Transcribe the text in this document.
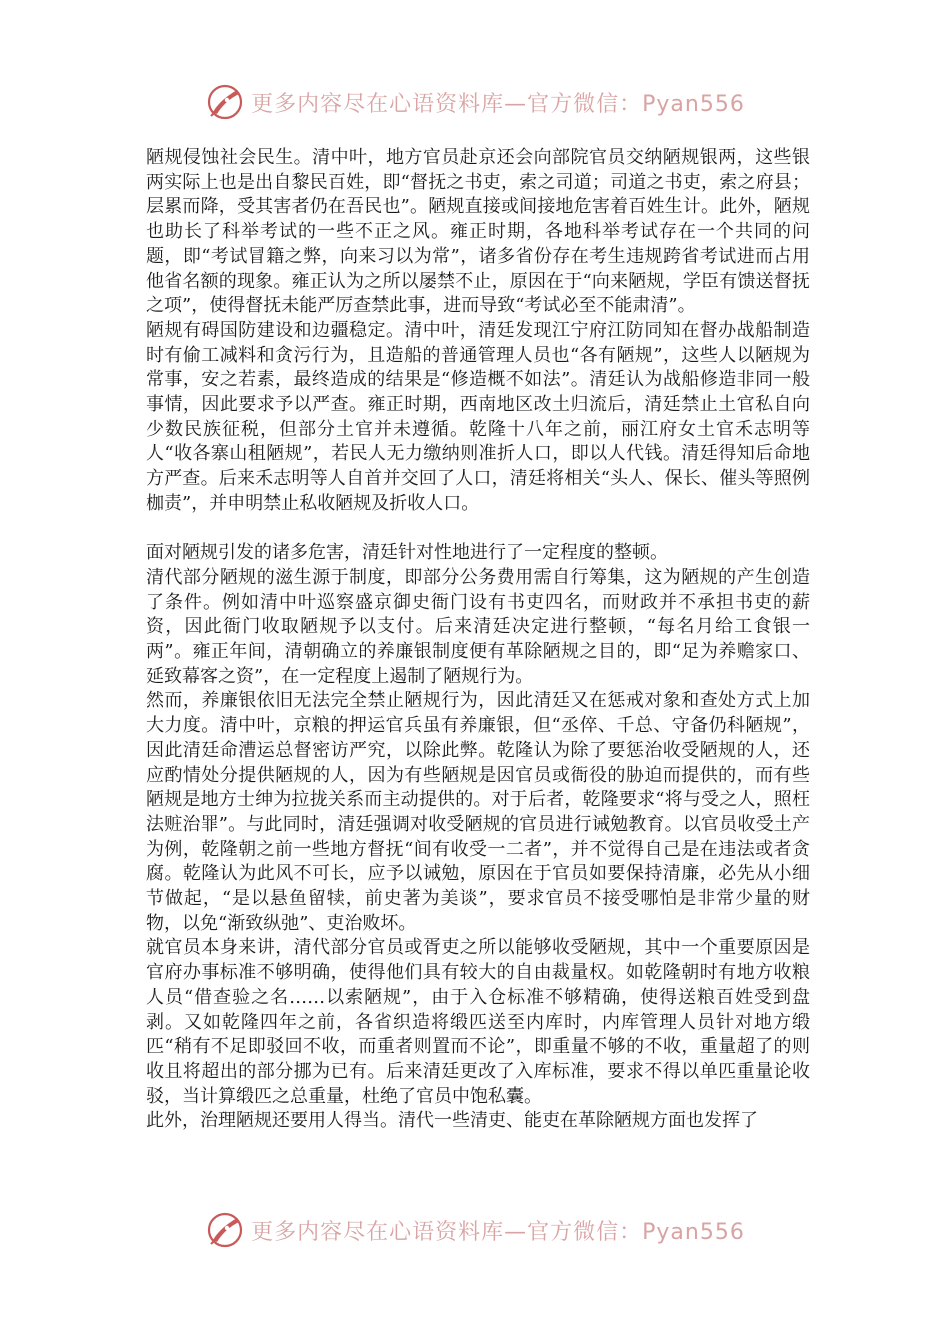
更多内容尽在心语资料库—官方微信：Pyan556

陋规侵蚀社会民生。清中叶，地方官员赴京还会向部院官员交纳陋规银两，这些银两实际上也是出自黎民百姓，即“督抚之书吏，索之司道；司道之书吏，索之府县；层累而降，受其害者仍在吾民也”。陋规直接或间接地危害着百姓生计。此外，陋规也助长了科举考试的一些不正之风。雍正时期，各地科举考试存在一个共同的问题，即“考试冒籍之弊，向来习以为常”，诸多省份存在考生违规跨省考试进而占用他省名额的现象。雍正认为之所以屡禁不止，原因在于“向来陋规，学臣有馈送督抚之项”，使得督抚未能严厉查禁此事，进而导致“考试必至不能肃清”。

陋规有碍国防建设和边疆稳定。清中叶，清廷发现江宁府江防同知在督办战船制造时有偷工减料和贪污行为，且造船的普通管理人员也“各有陋规”，这些人以陋规为常事，安之若素，最终造成的结果是“修造概不如法”。清廷认为战船修造非同一般事情，因此要求予以严查。雍正时期，西南地区改土归流后，清廷禁止土官私自向少数民族征税，但部分土官并未遵循。乾隆十八年之前，丽江府女土官禾志明等人“收各寨山租陋规”，若民人无力缴纳则准折人口，即以人代钱。清廷得知后命地方严查。后来禾志明等人自首并交回了人口，清廷将相关“头人、保长、催头等照例枷责”，并申明禁止私收陋规及折收人口。

面对陋规引发的诸多危害，清廷针对性地进行了一定程度的整顿。

清代部分陋规的滋生源于制度，即部分公务费用需自行筹集，这为陋规的产生创造了条件。例如清中叶巡察盛京御史衙门设有书吏四名，而财政并不承担书吏的薪资，因此衙门收取陋规予以支付。后来清廷决定进行整顿，“每名月给工食银一两”。雍正年间，清朝确立的养廉银制度便有革除陋规之目的，即“足为养赡家口、延致幕客之资”，在一定程度上遏制了陋规行为。

然而，养廉银依旧无法完全禁止陋规行为，因此清廷又在惩戒对象和查处方式上加大力度。清中叶，京粮的押运官兵虽有养廉银，但“丞倅、千总、守备仍科陋规”，因此清廷命漕运总督密访严究，以除此弊。乾隆认为除了要惩治收受陋规的人，还应酌情处分提供陋规的人，因为有些陋规是因官员或衙役的胁迫而提供的，而有些陋规是地方士绅为拉拢关系而主动提供的。对于后者，乾隆要求“将与受之人，照枉法赃治罪”。与此同时，清廷强调对收受陋规的官员进行诫勉教育。以官员收受土产为例，乾隆朝之前一些地方督抚“间有收受一二者”，并不觉得自己是在违法或者贪腐。乾隆认为此风不可长，应予以诫勉，原因在于官员如要保持清廉，必先从小细节做起，“是以悬鱼留犊，前史著为美谈”，要求官员不接受哪怕是非常少量的财物，以免“渐致纵弛”、吏治败坏。

就官员本身来讲，清代部分官员或胥吏之所以能够收受陋规，其中一个重要原因是官府办事标准不够明确，使得他们具有较大的自由裁量权。如乾隆朝时有地方收粮人员“借查验之名……以索陋规”，由于入仓标准不够精确，使得送粮百姓受到盘剥。又如乾隆四年之前，各省织造将缎匹送至内库时，内库管理人员针对地方缎匹“稍有不足即驳回不收，而重者则置而不论”，即重量不够的不收，重量超了的则收且将超出的部分挪为已有。后来清廷更改了入库标准，要求不得以单匹重量论收驳，当计算缎匹之总重量，杜绝了官员中饱私囊。

此外，治理陋规还要用人得当。清代一些清吏、能吏在革除陋规方面也发挥了

更多内容尽在心语资料库—官方微信：Pyan556
